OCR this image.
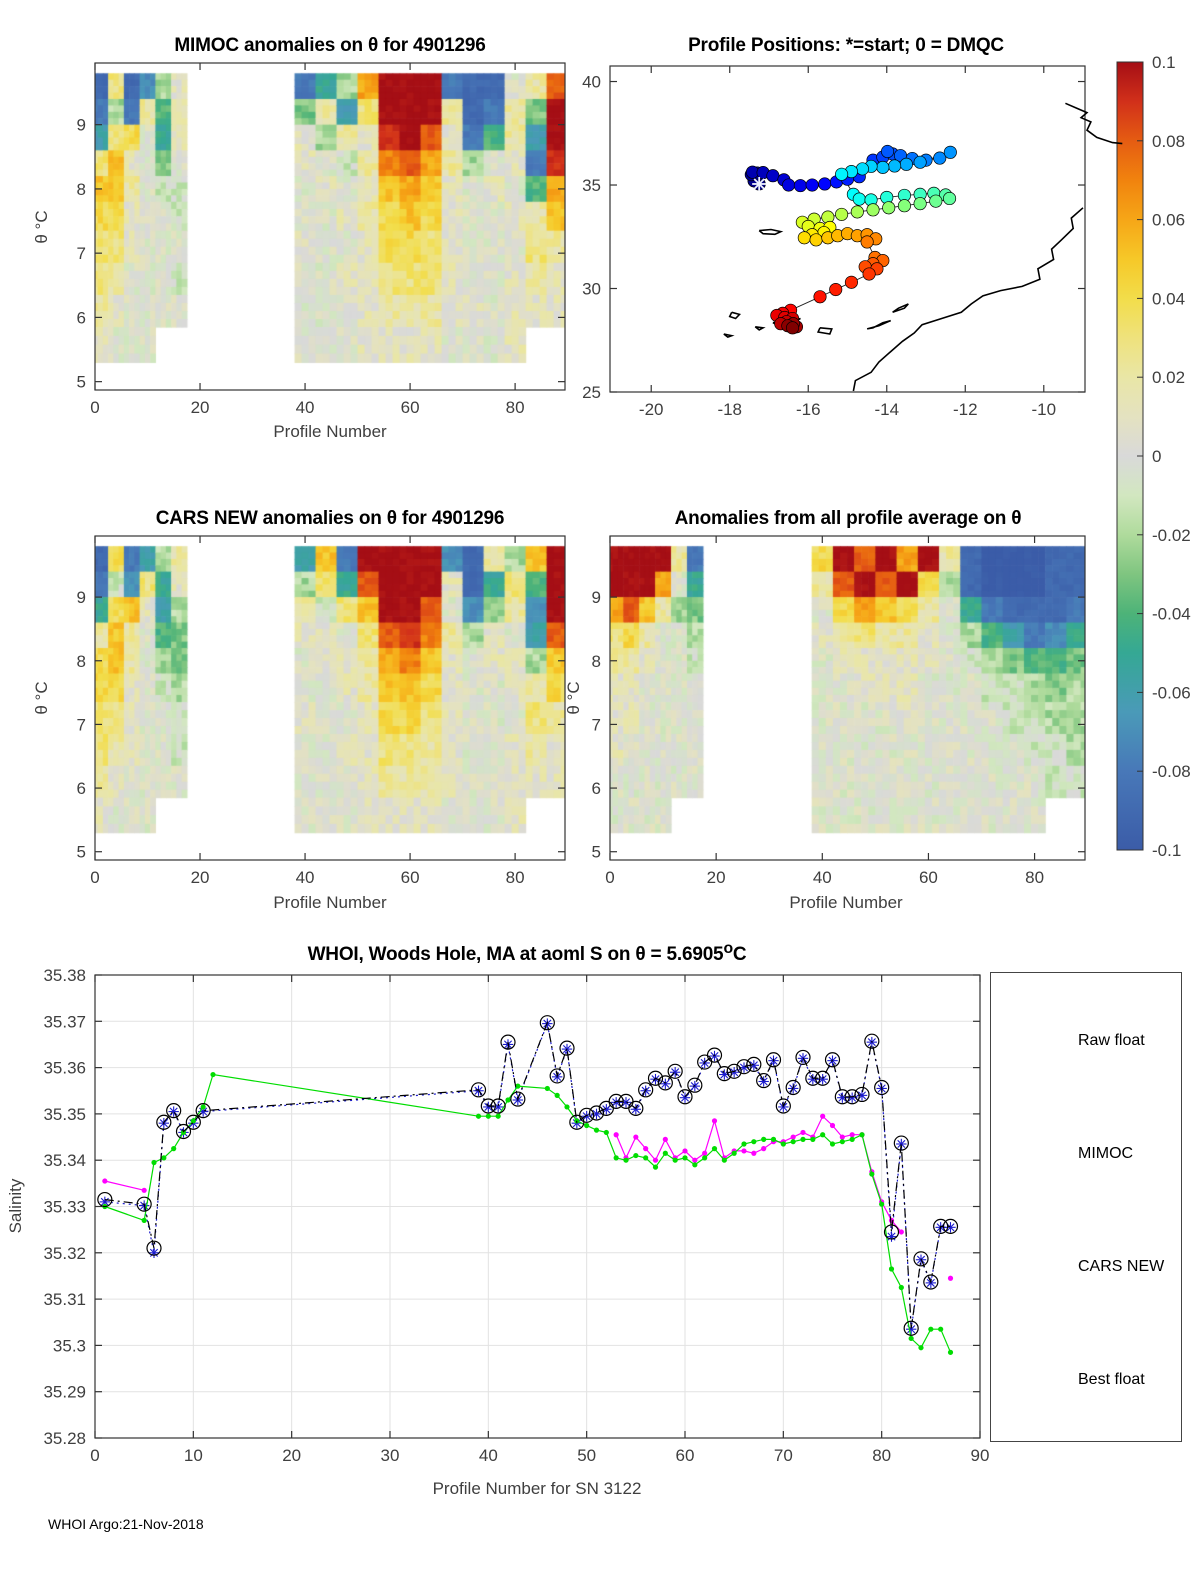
0	20	40	60	80
5
6
7
8
9
0	20	40	60	80
5
6
7
8
9
0	20	40	60	80
5
6
7
8
9
0.1
0.08
0.06
0.04
0.02
0
-0.02
-0.04
-0.06
-0.08
-0.1
-20	-18	-16	-14	-12	-10
25
30
35
40
0	10	20	30	40	50	60	70	80	90
35.28
35.29
35.3
35.31
35.32
35.33
35.34
35.35
35.36
35.37
35.38
MIMOC anomalies on θ for 4901296	Profile Positions: *=start; 0 = DMQC
CARS NEW anomalies on θ for 4901296	Anomalies from all profile average on θ
WHOI, Woods Hole, MA at aoml S on $\theta = 5.6905^oC$
Profile Number
Profile Number	Profile Number
Profile Number for SN 3122
θ °C
θ °C	θ °C
Salinity
Raw float
MIMOC
CARS NEW
Best float
WHOI Argo:21-Nov-2018
